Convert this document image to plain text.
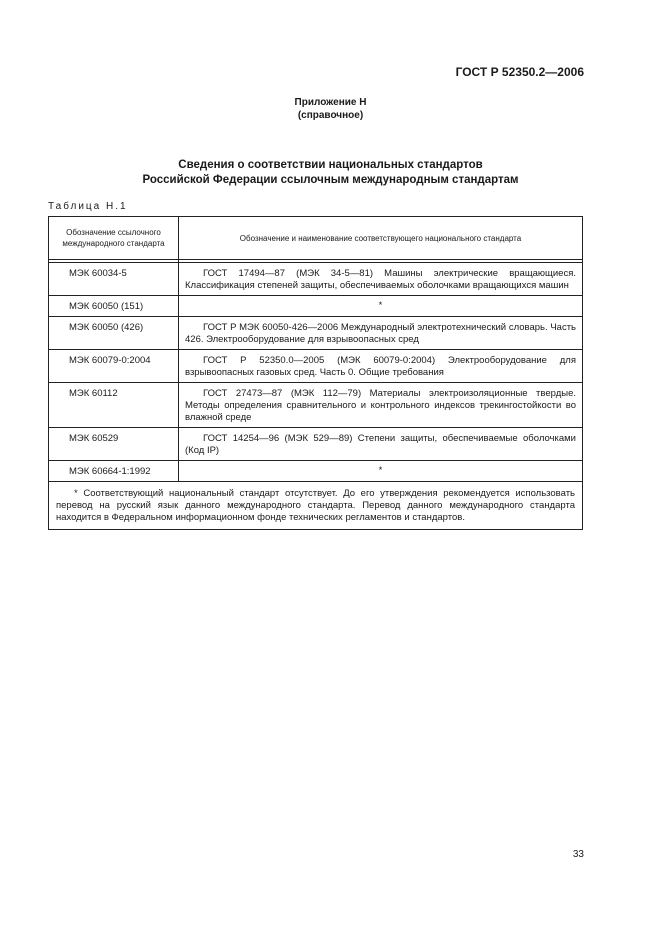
ГОСТ Р 52350.2—2006
Приложение Н
(справочное)
Сведения о соответствии национальных стандартов
Российской Федерации ссылочным международным стандартам
Таблица Н.1
Обозначение ссылочного международного стандарта	Обозначение и наименование соответствующего национального стандарта

МЭК 60034-5	ГОСТ 17494—87 (МЭК 34-5—81) Машины электрические вращающиеся. Классификация степеней защиты, обеспечиваемых оболочками вращающихся машин

МЭК 60050 (151)	*
МЭК 60050 (426)	ГОСТ Р МЭК 60050-426—2006 Международный электротехнический словарь. Часть 426. Электрооборудование для взрывоопасных сред

МЭК 60079-0:2004	ГОСТ Р 52350.0—2005 (МЭК 60079-0:2004) Электрооборудование для взрывоопасных газовых сред. Часть 0. Общие требования

МЭК 60112	ГОСТ 27473—87 (МЭК 112—79) Материалы электроизоляционные твердые. Методы определения сравнительного и контрольного индексов трекингостойкости во влажной среде

МЭК 60529	ГОСТ 14254—96 (МЭК 529—89) Степени защиты, обеспечиваемые оболочками (Код IP)

МЭК 60664-1:1992	*

* Соответствующий национальный стандарт отсутствует. До его утверждения рекомендуется использовать перевод на русский язык данного международного стандарта. Перевод данного международного стандарта находится в Федеральном информационном фонде технических регламентов и стандартов.	
33
